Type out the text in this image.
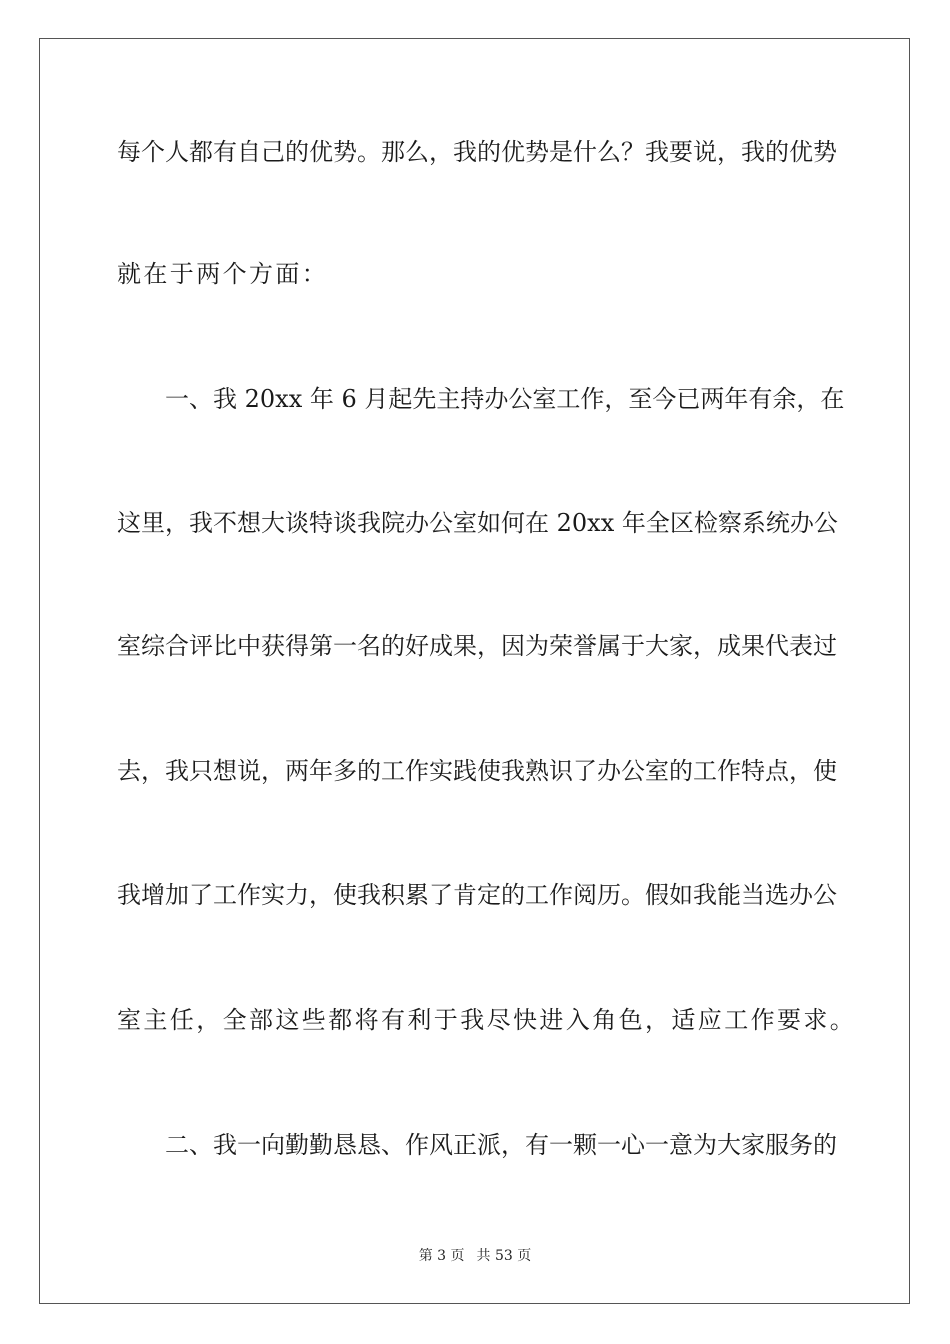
每个人都有自己的优势。那么，我的优势是什么？我要说，我的优势
就在于两个方面：
一、我 20xx 年 6 月起先主持办公室工作，至今已两年有余，在
这里，我不想大谈特谈我院办公室如何在 20xx 年全区检察系统办公
室综合评比中获得第一名的好成果，因为荣誉属于大家，成果代表过
去，我只想说，两年多的工作实践使我熟识了办公室的工作特点，使
我增加了工作实力，使我积累了肯定的工作阅历。假如我能当选办公
室主任，全部这些都将有利于我尽快进入角色，适应工作要求。
二、我一向勤勤恳恳、作风正派，有一颗一心一意为大家服务的
第 3 页 共 53 页
